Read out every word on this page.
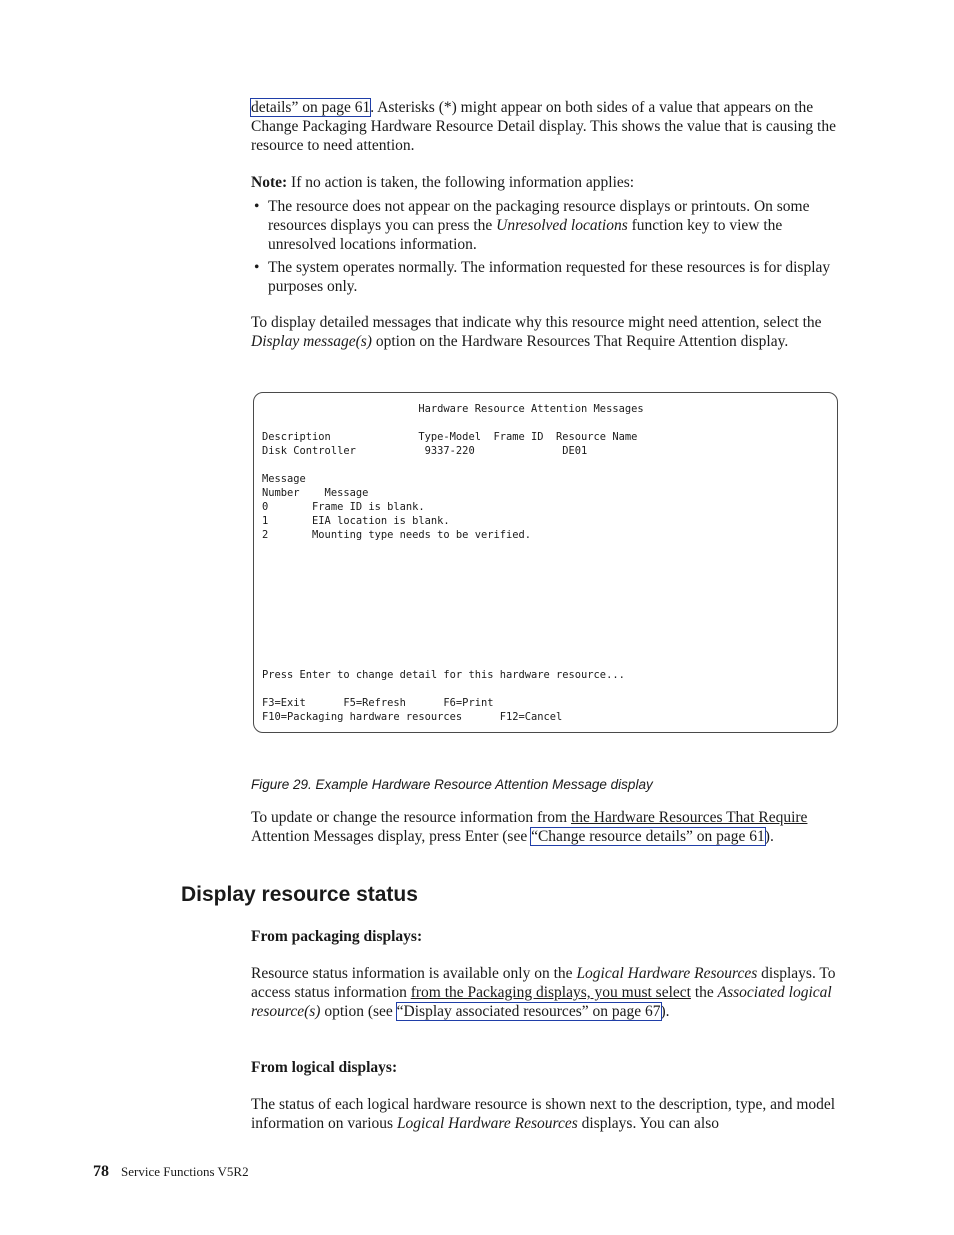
details” on page 61. Asterisks (*) might appear on both sides of a value that appears on the Change Packaging Hardware Resource Detail display. This shows the value that is causing the resource to need attention.

Note: If no action is taken, the following information applies:

• The resource does not appear on the packaging resource displays or printouts. On some resources displays you can press the Unresolved locations function key to view the unresolved locations information.
• The system operates normally. The information requested for these resources is for display purposes only.

To display detailed messages that indicate why this resource might need attention, select the Display message(s) option on the Hardware Resources That Require Attention display.

Hardware Resource Attention Messages
Description              Type-Model  Frame ID  Resource Name
Disk Controller           9337-220              DE01
Message
Number    Message
0       Frame ID is blank.
1       EIA location is blank.
2       Mounting type needs to be verified.
Press Enter to change detail for this hardware resource...
F3=Exit      F5=Refresh      F6=Print
F10=Packaging hardware resources      F12=Cancel
Figure 29. Example Hardware Resource Attention Message display

To update or change the resource information from the Hardware Resources That Require Attention Messages display, press Enter (see “Change resource details” on page 61).

Display resource status

From packaging displays:

Resource status information is available only on the Logical Hardware Resources displays. To access status information from the Packaging displays, you must select the Associated logical resource(s) option (see “Display associated resources” on page 67).

From logical displays:

The status of each logical hardware resource is shown next to the description, type, and model information on various Logical Hardware Resources displays. You can also

78 Service Functions V5R2
